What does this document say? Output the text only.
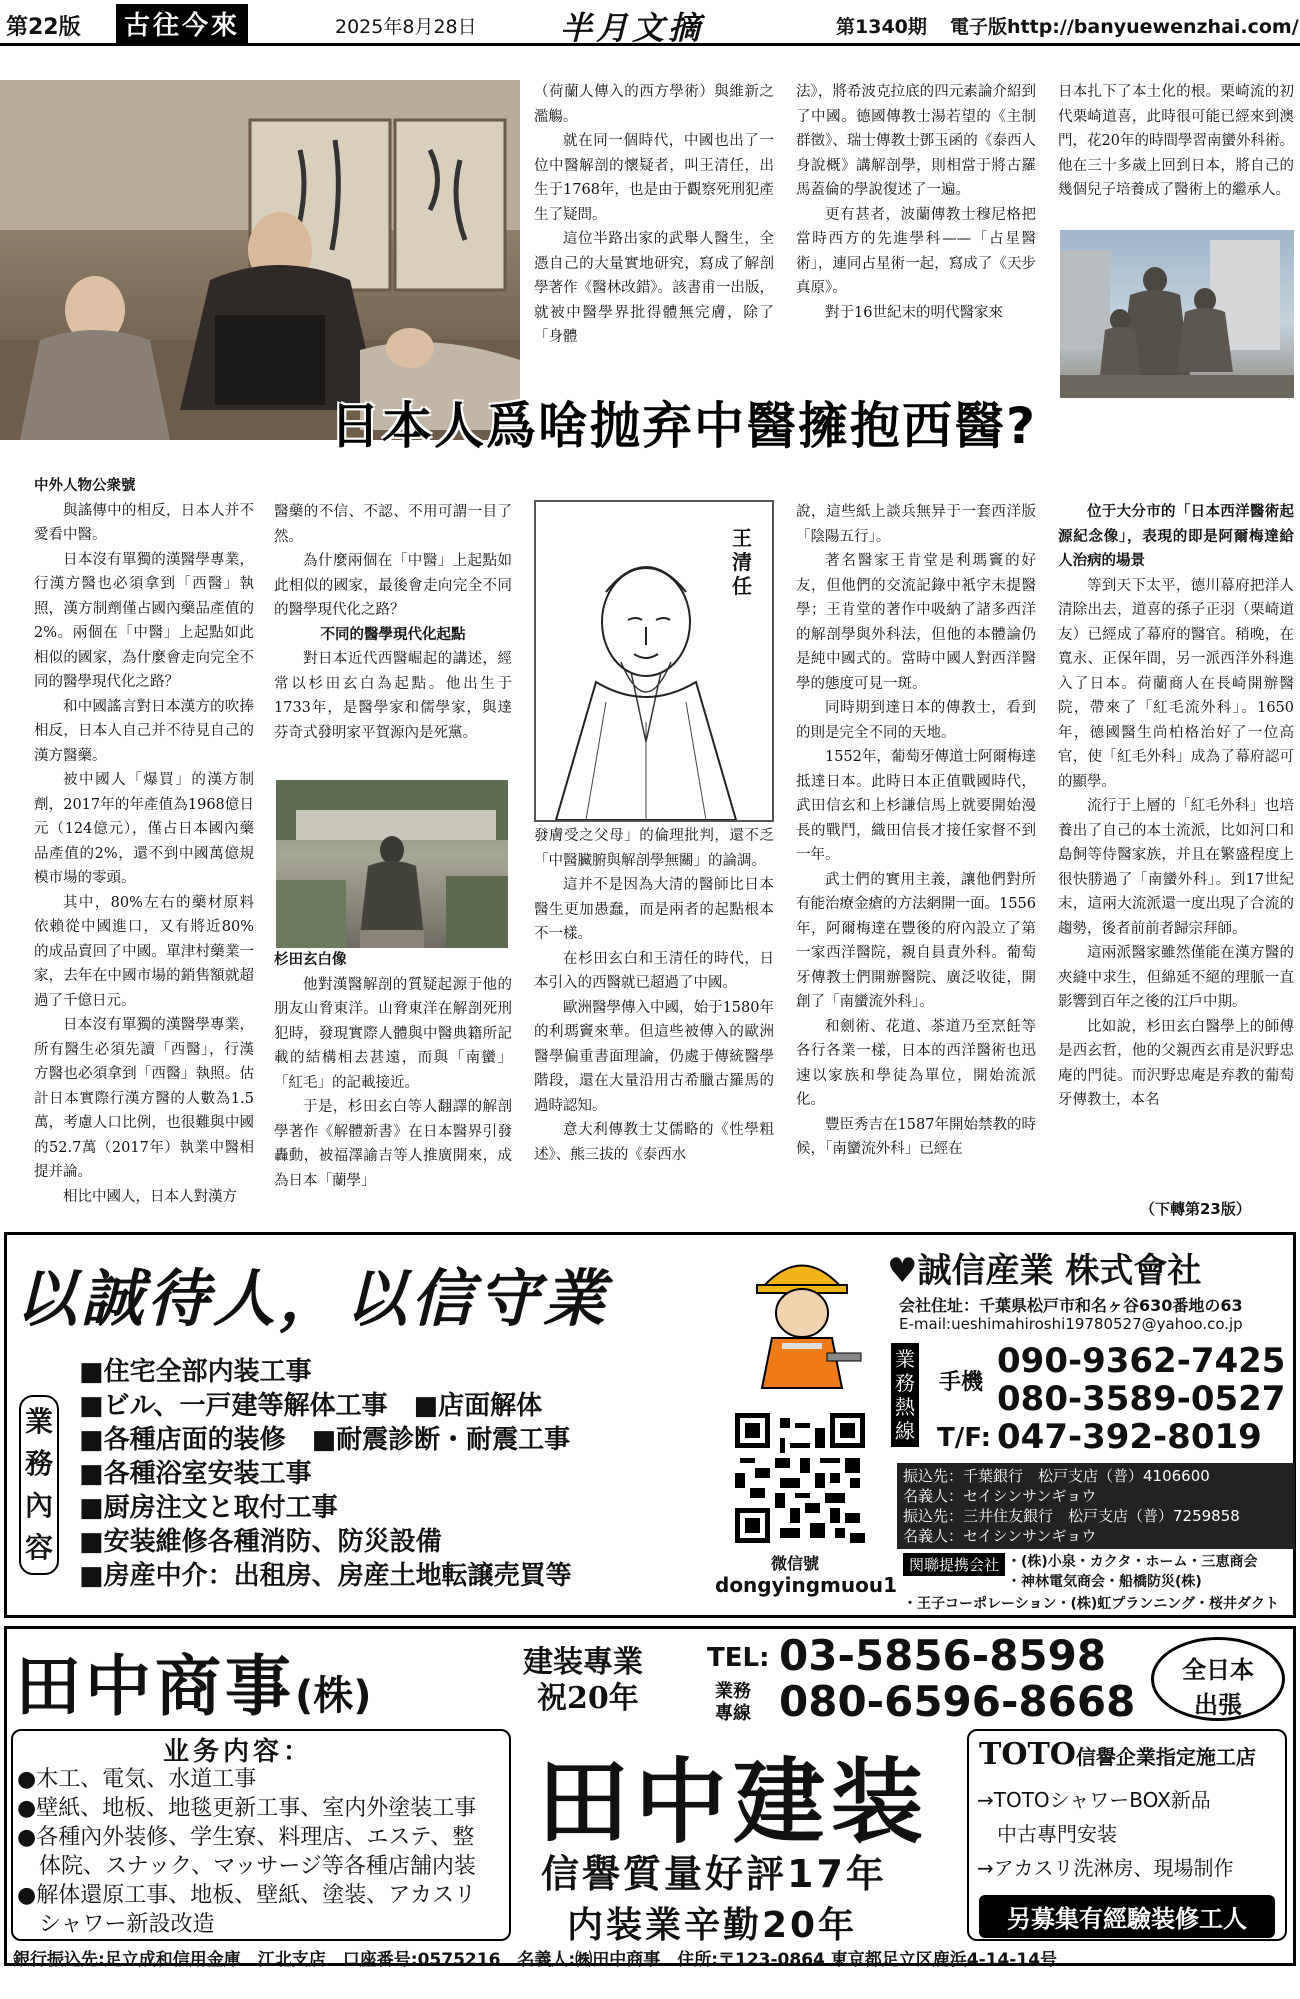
第22版	古往今來	2025年8月28日	半月文摘	第1340期 電子版http://banyuewenzhai.com/

（荷蘭人傳入的西方學術）與維新之濫觴。

就在同一個時代，中國也出了一位中醫解剖的懷疑者，叫王清任，出生于1768年，也是由于觀察死刑犯產生了疑問。

這位半路出家的武舉人醫生，全憑自己的大量實地研究，寫成了解剖學著作《醫林改錯》。該書甫一出版，就被中醫學界批得體無完膚，除了「身體

法》，將希波克拉底的四元素論介紹到了中國。德國傳教士湯若望的《主制群徵》、瑞士傳教士鄧玉函的《泰西人身說概》講解剖學，則相當于將古羅馬蓋倫的學說復述了一遍。

更有甚者，波蘭傳教士穆尼格把當時西方的先進學科——「占星醫術」，連同占星術一起，寫成了《天步真原》。

對于16世紀末的明代醫家來

日本扎下了本土化的根。栗崎流的初代栗崎道喜，此時很可能已經來到澳門，花20年的時間學習南蠻外科術。他在三十多歲上回到日本，將自己的幾個兒子培養成了醫術上的繼承人。

日本人爲啥抛弃中醫擁抱西醫?

中外人物公衆號

與謠傳中的相反，日本人并不愛看中醫。

日本沒有單獨的漢醫學專業，行漢方醫也必須拿到「西醫」執照，漢方制劑僅占國內藥品產值的2%。兩個在「中醫」上起點如此相似的國家，為什麼會走向完全不同的醫學現代化之路？

和中國謠言對日本漢方的吹捧相反，日本人自己并不待見自己的漢方醫藥。

被中國人「爆買」的漢方制劑，2017年的年產值為1968億日元（124億元），僅占日本國內藥品產值的2%，還不到中國萬億規模市場的零頭。

其中，80%左右的藥材原料依賴從中國進口，又有將近80%的成品賣回了中國。單津村藥業一家，去年在中國市場的銷售額就超過了千億日元。

日本沒有單獨的漢醫學專業，所有醫生必須先讀「西醫」，行漢方醫也必須拿到「西醫」執照。估計日本實際行漢方醫的人數為1.5萬，考慮人口比例，也很難與中國的52.7萬（2017年）執業中醫相提并論。

相比中國人，日本人對漢方

醫藥的不信、不認、不用可謂一目了然。

為什麼兩個在「中醫」上起點如此相似的國家，最後會走向完全不同的醫學現代化之路？

不同的醫學現代化起點

對日本近代西醫崛起的講述，經常以杉田玄白為起點。他出生于1733年，是醫學家和儒學家，與達芬奇式發明家平賀源內是死黨。

杉田玄白像

他對漢醫解剖的質疑起源于他的朋友山脅東洋。山脅東洋在解剖死刑犯時，發現實際人體與中醫典籍所記載的結構相去甚遠，而與「南蠻」「紅毛」的記載接近。

于是，杉田玄白等人翻譯的解剖學著作《解體新書》在日本醫界引發轟動，被福澤諭吉等人推廣開來，成為日本「蘭學」

王清任

發膚受之父母」的倫理批判，還不乏「中醫臟腑與解剖學無關」的論調。

這并不是因為大清的醫師比日本醫生更加愚蠢，而是兩者的起點根本不一樣。

在杉田玄白和王清任的時代，日本引入的西醫就已超過了中國。

歐洲醫學傳入中國，始于1580年的利瑪竇來華。但這些被傳入的歐洲醫學偏重書面理論，仍處于傳統醫學階段，還在大量沿用古希臘古羅馬的過時認知。

意大利傳教士艾儒略的《性學粗述》、熊三拔的《泰西水

說，這些紙上談兵無异于一套西洋版「陰陽五行」。

著名醫家王肯堂是利瑪竇的好友，但他們的交流記錄中衹字未提醫學；王肯堂的著作中吸納了諸多西洋的解剖學與外科法，但他的本體論仍是純中國式的。當時中國人對西洋醫學的態度可見一斑。

同時期到達日本的傳教士，看到的則是完全不同的天地。

1552年，葡萄牙傳道士阿爾梅達抵達日本。此時日本正值戰國時代，武田信玄和上杉謙信馬上就要開始漫長的戰鬥，織田信長才接任家督不到一年。

武士們的實用主義，讓他們對所有能治療金瘡的方法網開一面。1556年，阿爾梅達在豐後的府內設立了第一家西洋醫院，親自員責外科。葡萄牙傳教士們開辦醫院、廣泛收徒，開創了「南蠻流外科」。

和劍術、花道、茶道乃至烹飪等各行各業一樣，日本的西洋醫術也迅速以家族和學徒為單位，開始流派化。

豐臣秀吉在1587年開始禁教的時候，「南蠻流外科」已經在

位于大分市的「日本西洋醫術起源紀念像」，表現的即是阿爾梅達給人治病的場景

等到天下太平，德川幕府把洋人清除出去，道喜的孫子正羽（栗崎道友）已經成了幕府的醫官。稍晚，在寬永、正保年間，另一派西洋外科進入了日本。荷蘭商人在長崎開辦醫院，帶來了「紅毛流外科」。1650年，德國醫生尚柏格治好了一位高官，使「紅毛外科」成為了幕府認可的顯學。

流行于上層的「紅毛外科」也培養出了自己的本土流派，比如河口和島飼等侍醫家族，并且在繁盛程度上很快勝過了「南蠻外科」。到17世紀末，這兩大流派還一度出現了合流的趨勢，後者前前者歸宗拜師。

這兩派醫家雖然僅能在漢方醫的夾縫中求生，但綿延不絕的理脈一直影響到百年之後的江戶中期。

比如說，杉田玄白醫學上的師傅是西玄哲，他的父親西玄甫是沢野忠庵的門徒。而沢野忠庵是弃教的葡萄牙傳教士，本名

（下轉第23版）
以誠待人，以信守業
業務內容
■住宅全部内装工事
■ビル、一戸建等解体工事　 ■店面解体
■各種店面的装修　 ■耐震診断・耐震工事
■各種浴室安装工事
■厨房注文と取付工事
■安装維修各種消防、防災設備
■房産中介：出租房、房産土地転譲売買等	微信號
dongyingmuou1
♥誠信産業 株式會社
会社住址：千葉県松戸市和名ヶ谷630番地の63
E-mail:ueshimahiroshi19780527@yahoo.co.jp
業務熱線
手機
090-9362-7425
080-3589-0527
T/F: 047-392-8019
振込先：千葉銀行　松戸支店（普）4106600
名義人：セイシンサンギョウ
振込先：三井住友銀行　松戸支店（普）7259858
名義人：セイシンサンギョウ
関聯提携会社 ・(株)小泉・カクタ・ホーム・三恵商会
・神林電気商会・船橋防災(株)
・王子コーポレーション・(株)虹プランニング・桜井ダクト
田中商事(株)
建装專業
祝20年
TEL: 03-5856-8598
業務
專線 080-6596-8668
全日本
出張
业务内容：
●木工、電気、水道工事
●壁紙、地板、地毯更新工事、室内外塗装工事
●各種內外装修、学生寮、料理店、エステ、整
　体院、スナック、マッサージ等各種店舗内装
●解体還原工事、地板、壁紙、塗装、アカスリ
　シャワー新設改造
田中建装
信譽質量好評17年
内装業辛勤20年
TOTO信譽企業指定施工店
→TOTOシャワーBOX新品
　中古專門安装
→アカスリ洗淋房、現場制作
另募集有經驗装修工人
銀行振込先:足立成和信用金庫　江北支店　口座番号:0575216　名義人:㈱田中商事　住所:〒123-0864 東京都足立区鹿浜4-14-14号
